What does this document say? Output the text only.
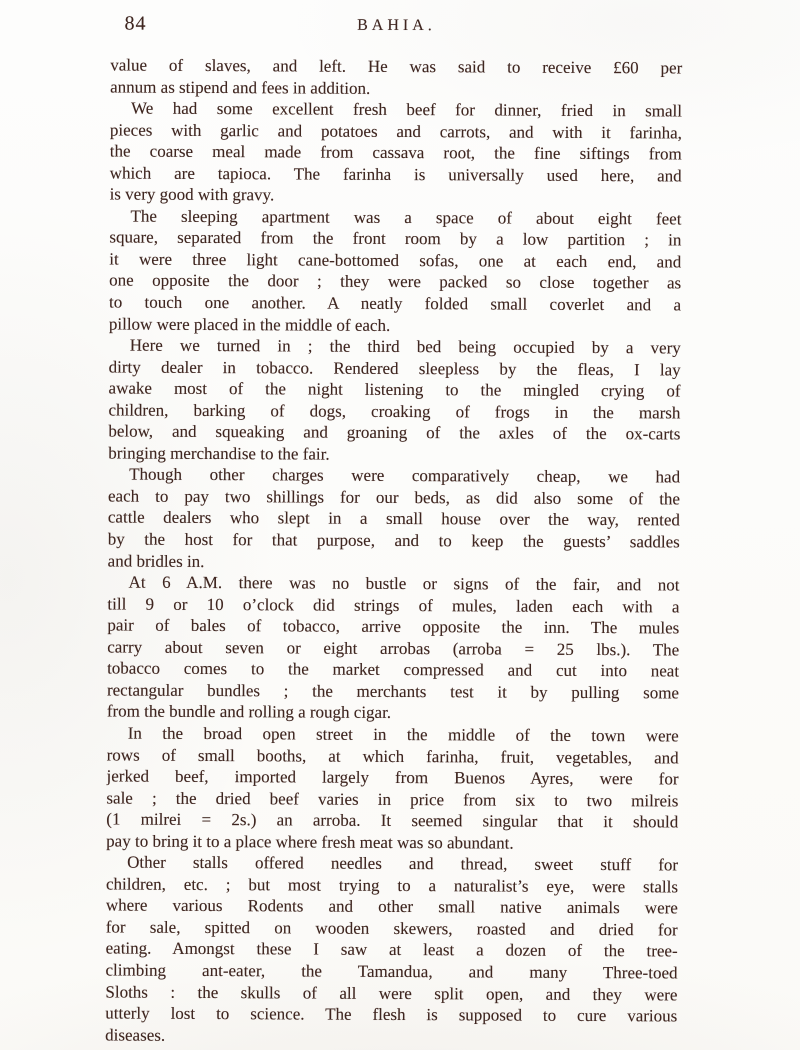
84	BAHIA.
value of slaves, and left. He was said to receive £60 per
annum as stipend and fees in addition.
We had some excellent fresh beef for dinner, fried in small
pieces with garlic and potatoes and carrots, and with it farinha,
the coarse meal made from cassava root, the fine siftings from
which are tapioca. The farinha is universally used here, and
is very good with gravy.
The sleeping apartment was a space of about eight feet
square, separated from the front room by a low partition ; in
it were three light cane-bottomed sofas, one at each end, and
one opposite the door ; they were packed so close together as
to touch one another. A neatly folded small coverlet and a
pillow were placed in the middle of each.
Here we turned in ; the third bed being occupied by a very
dirty dealer in tobacco. Rendered sleepless by the fleas, I lay
awake most of the night listening to the mingled crying of
children, barking of dogs, croaking of frogs in the marsh
below, and squeaking and groaning of the axles of the ox-carts
bringing merchandise to the fair.
Though other charges were comparatively cheap, we had
each to pay two shillings for our beds, as did also some of the
cattle dealers who slept in a small house over the way, rented
by the host for that purpose, and to keep the guests’ saddles
and bridles in.
At 6 A.M. there was no bustle or signs of the fair, and not
till 9 or 10 o’clock did strings of mules, laden each with a
pair of bales of tobacco, arrive opposite the inn. The mules
carry about seven or eight arrobas (arroba = 25 lbs.). The
tobacco comes to the market compressed and cut into neat
rectangular bundles ; the merchants test it by pulling some
from the bundle and rolling a rough cigar.
In the broad open street in the middle of the town were
rows of small booths, at which farinha, fruit, vegetables, and
jerked beef, imported largely from Buenos Ayres, were for
sale ; the dried beef varies in price from six to two milreis
(1 milrei = 2s.) an arroba. It seemed singular that it should
pay to bring it to a place where fresh meat was so abundant.
Other stalls offered needles and thread, sweet stuff for
children, etc. ; but most trying to a naturalist’s eye, were stalls
where various Rodents and other small native animals were
for sale, spitted on wooden skewers, roasted and dried for
eating. Amongst these I saw at least a dozen of the tree-
climbing ant-eater, the Tamandua, and many Three-toed
Sloths : the skulls of all were split open, and they were
utterly lost to science. The flesh is supposed to cure various
diseases.
